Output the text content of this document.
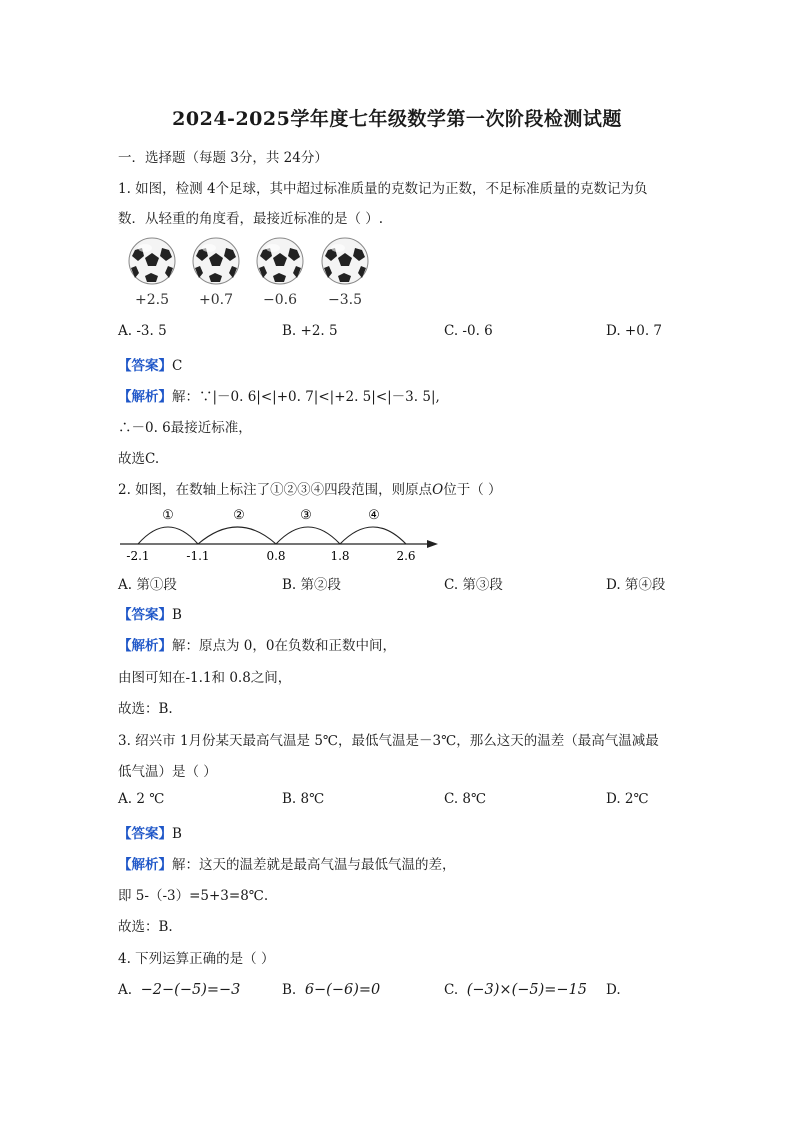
2024-2025学年度七年级数学第一次阶段检测试题
一．选择题（每题 3分，共 24分）
1. 如图，检测 4个足球，其中超过标准质量的克数记为正数，不足标准质量的克数记为负
数．从轻重的角度看，最接近标准的是（ ）.
+2.5	+0.7	−0.6	−3.5
A. -3. 5	B. +2. 5	C. -0. 6	D. +0. 7
【答案】C
【解析】解：∵|－0. 6|<|+0. 7|<|+2. 5|<|－3. 5|,
∴－0. 6最接近标准，
故选C.
2. 如图，在数轴上标注了①②③④四段范围，则原点O位于（ ）
①	②	③	④
-2.1	-1.1	0.8	1.8	2.6
A. 第①段	B. 第②段	C. 第③段	D. 第④段
【答案】B
【解析】解：原点为 0，0在负数和正数中间，
由图可知在-1.1和 0.8之间，
故选：B.
3. 绍兴市 1月份某天最高气温是 5℃，最低气温是－3℃，那么这天的温差（最高气温减最
低气温）是（ ）
A. 2 ℃	B. 8℃	C. 8℃	D. 2℃
【答案】B
【解析】解：这天的温差就是最高气温与最低气温的差，
即 5-（-3）=5+3=8℃.
故选：B.
4. 下列运算正确的是（ ）
A. −2−(−5)=−3	B. 6−(−6)=0	C. (−3)×(−5)=−15 D.
